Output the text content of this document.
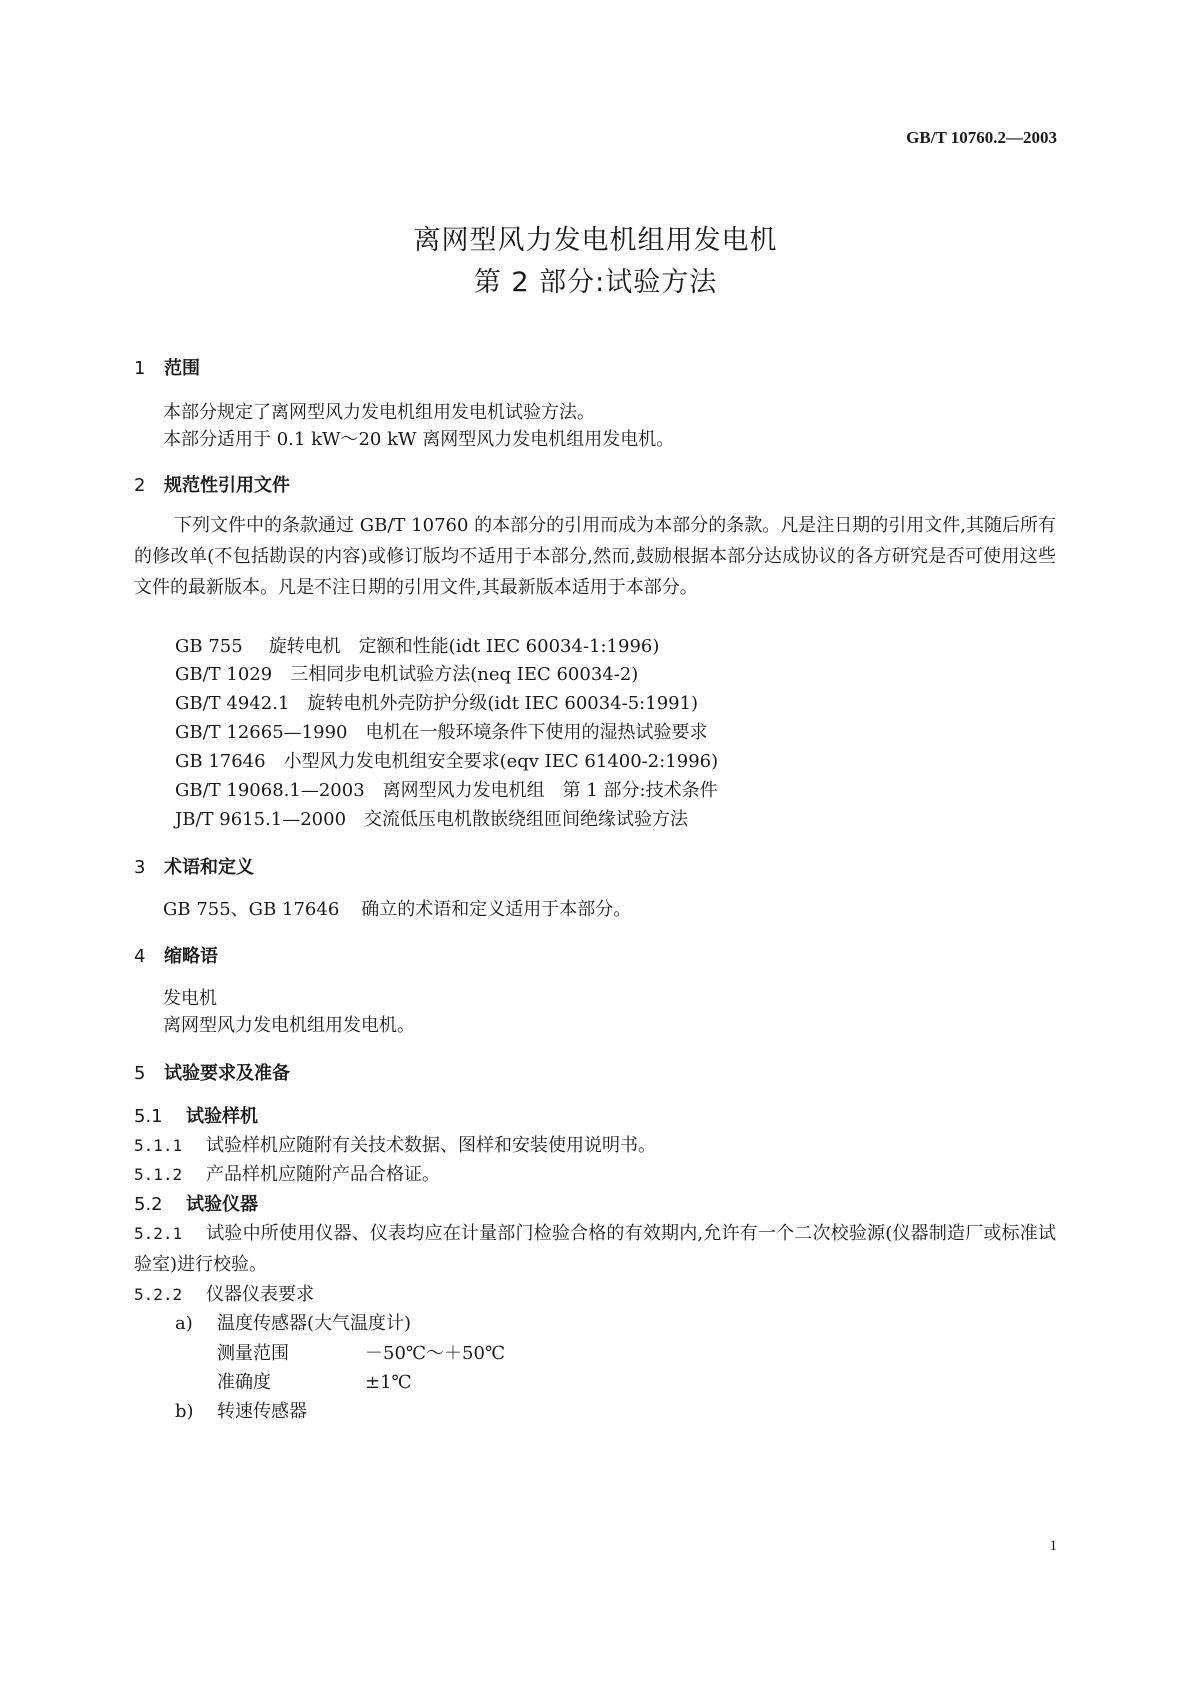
GB/T 10760.2—2003
离网型风力发电机组用发电机
第 2 部分:试验方法
1 范围
本部分规定了离网型风力发电机组用发电机试验方法。
本部分适用于 0.1 kW～20 kW 离网型风力发电机组用发电机。
2 规范性引用文件

下列文件中的条款通过 GB/T 10760 的本部分的引用而成为本部分的条款。凡是注日期的引用文件,其随后所有的修改单(不包括勘误的内容)或修订版均不适用于本部分,然而,鼓励根据本部分达成协议的各方研究是否可使用这些文件的最新版本。凡是不注日期的引用文件,其最新版本适用于本部分。

GB 755 旋转电机　定额和性能(idt IEC 60034-1:1996)
GB/T 1029 三相同步电机试验方法(neq IEC 60034-2)
GB/T 4942.1 旋转电机外壳防护分级(idt IEC 60034-5:1991)
GB/T 12665—1990 电机在一般环境条件下使用的湿热试验要求
GB 17646 小型风力发电机组安全要求(eqv IEC 61400-2:1996)
GB/T 19068.1—2003 离网型风力发电机组　第 1 部分:技术条件
JB/T 9615.1—2000 交流低压电机散嵌绕组匝间绝缘试验方法
3 术语和定义
GB 755、GB 17646 确立的术语和定义适用于本部分。
4 缩略语
发电机
离网型风力发电机组用发电机。
5 试验要求及准备
5.1 试验样机
5.1.1 试验样机应随附有关技术数据、图样和安装使用说明书。
5.1.2 产品样机应随附产品合格证。
5.2 试验仪器

5.2.1 试验中所使用仪器、仪表均应在计量部门检验合格的有效期内,允许有一个二次校验源(仪器制造厂或标准试验室)进行校验。

5.2.2 仪器仪表要求
a) 温度传感器(大气温度计)
测量范围	－50℃～＋50℃
准确度	±1℃
b) 转速传感器
1
